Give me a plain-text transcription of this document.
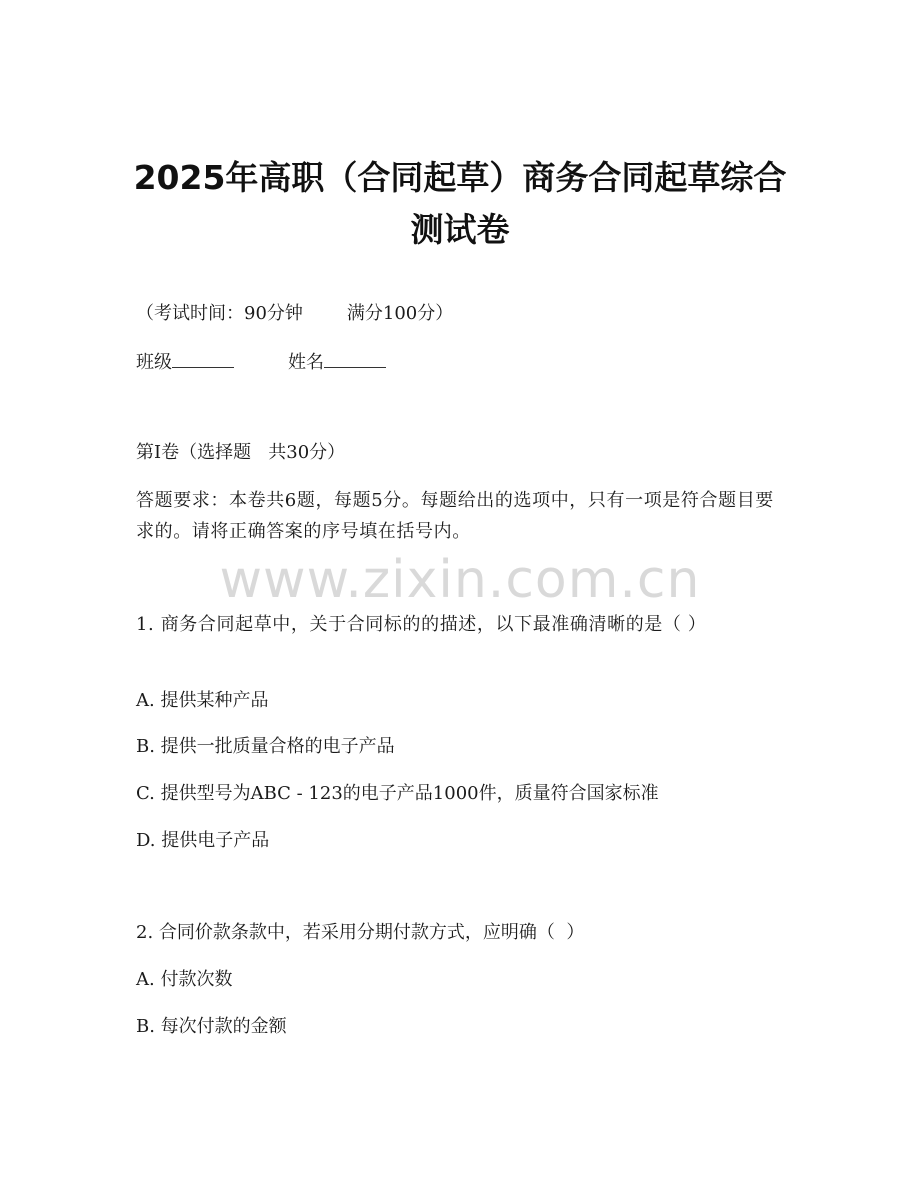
2025年高职（合同起草）商务合同起草综合
测试卷
（考试时间：90分钟 满分100分）
班级	姓名
第I卷（选择题   共30分）
答题要求：本卷共6题，每题5分。每题给出的选项中，只有一项是符合题目要求的。请将正确答案的序号填在括号内。
www.zixin.com.cn
1. 商务合同起草中，关于合同标的的描述，以下最准确清晰的是（ ）
A. 提供某种产品
B. 提供一批质量合格的电子产品
C. 提供型号为ABC - 123的电子产品1000件，质量符合国家标准
D. 提供电子产品
2. 合同价款条款中，若采用分期付款方式，应明确（  ）
A. 付款次数
B. 每次付款的金额
